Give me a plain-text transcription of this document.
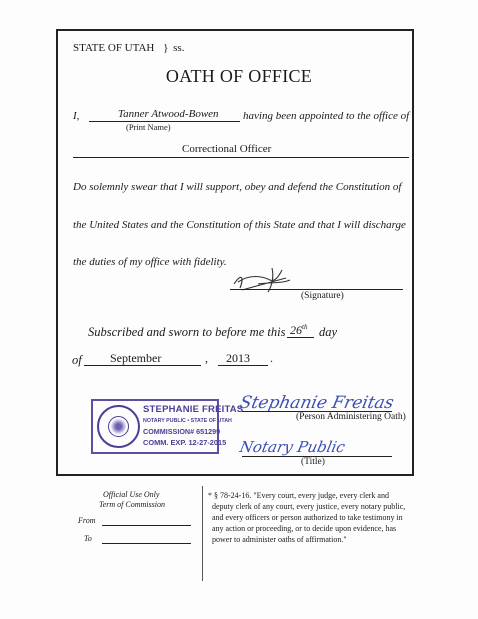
STATE OF UTAH } ss.
OATH OF OFFICE
I,	Tanner Atwood-Bowen
(Print Name)
having been appointed to the office of
Correctional Officer
Do solemnly swear that I will support, obey and defend the Constitution of
the United States and the Constitution of this State and that I will discharge
the duties of my office with fidelity.
(Signature)
Subscribed and sworn to before me this 26th day
of September	, 2013 .
STEPHANIE FREITAS
NOTARY PUBLIC • STATE OF UTAH
COMMISSION# 651299
COMM. EXP. 12-27-2015
Stephanie Freitas
(Person Administering Oath)
Notary Public
(Title)
Official Use Only
Term of Commission
From
To
* § 78-24-16. "Every court, every judge, every clerk and
deputy clerk of any court, every justice, every notary public,
and every officers or person authorized to take testimony in
any action or proceeding, or to decide upon evidence, has
power to administer oaths of affirmation."
